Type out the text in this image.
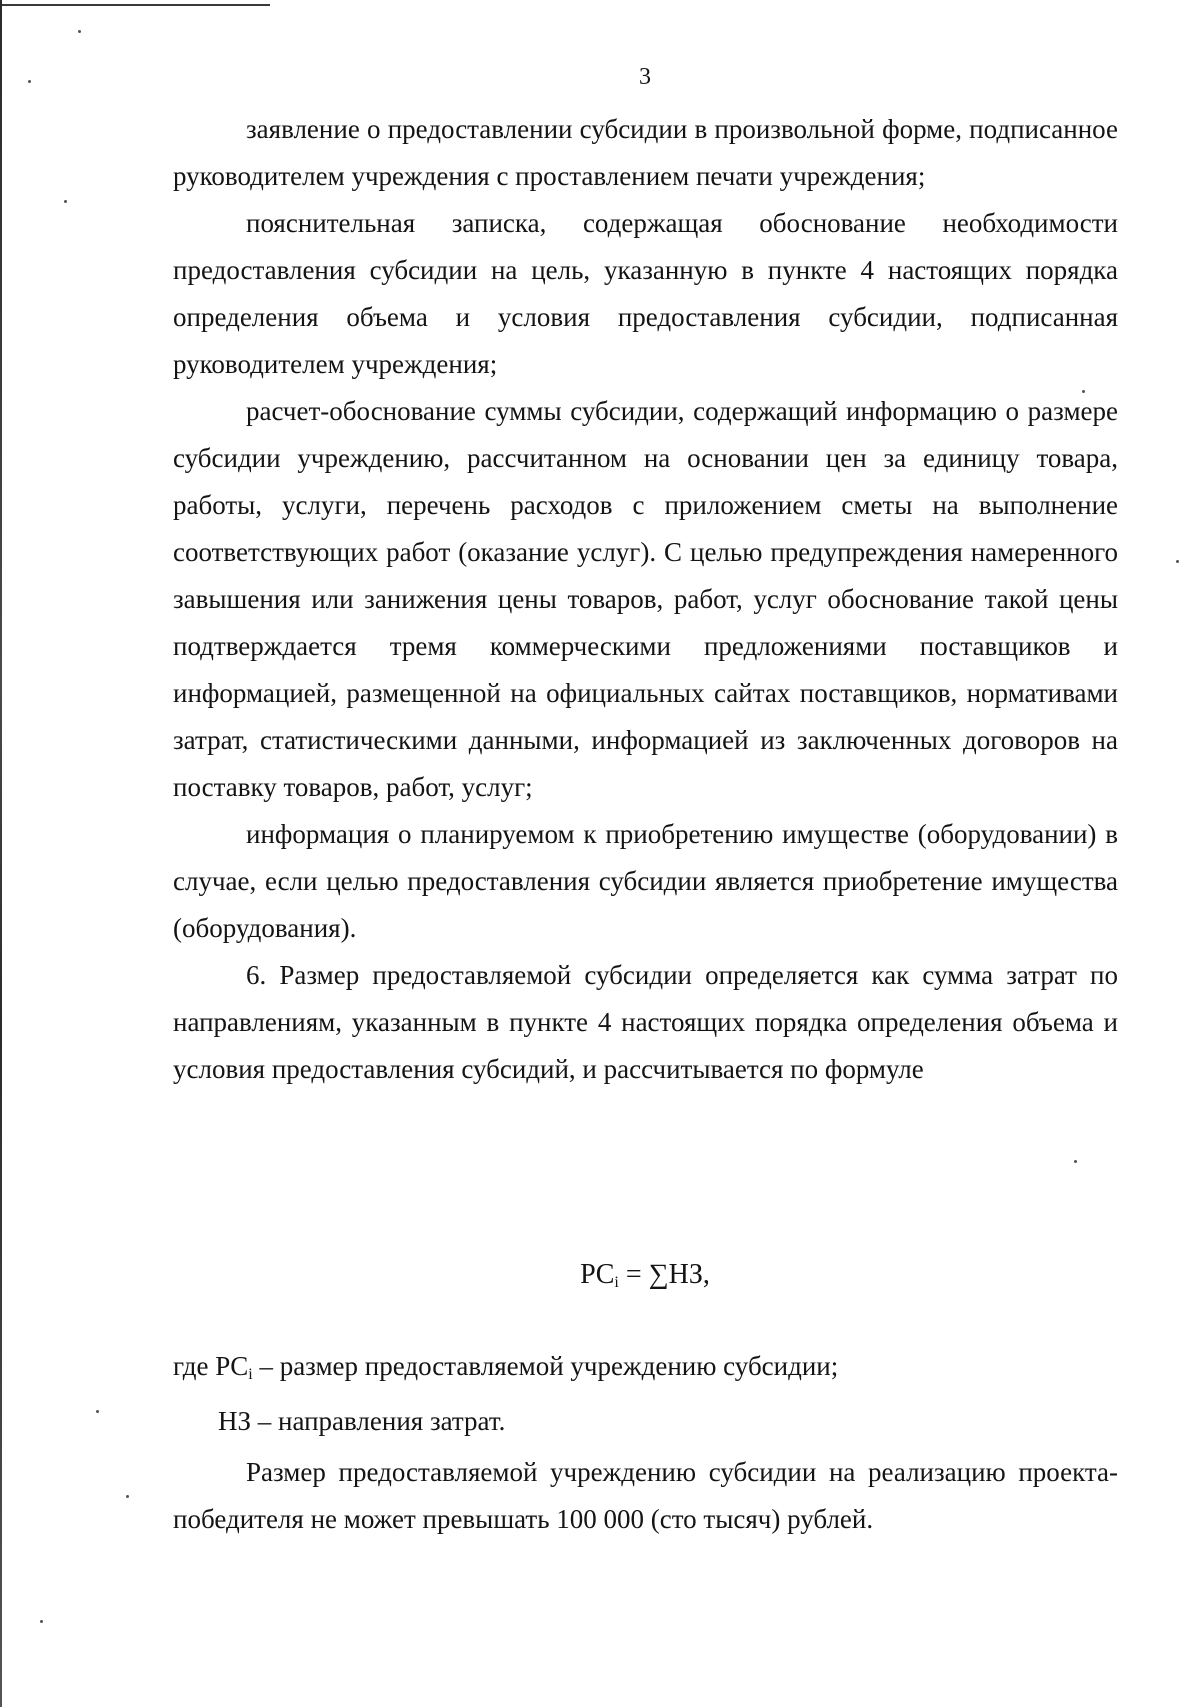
3

заявление о предоставлении субсидии в произвольной форме, подписанное руководителем учреждения с проставлением печати учреждения;

пояснительная записка, содержащая обоснование необходимости предоставления субсидии на цель, указанную в пункте 4 настоящих порядка определения объема и условия предоставления субсидии, подписанная руководителем учреждения;

расчет-обоснование суммы субсидии, содержащий информацию о размере субсидии учреждению, рассчитанном на основании цен за единицу товара, работы, услуги, перечень расходов с приложением сметы на выполнение соответствующих работ (оказание услуг). С целью предупреждения намеренного завышения или занижения цены товаров, работ, услуг обоснование такой цены подтверждается тремя коммерческими предложениями поставщиков и информацией, размещенной на официальных сайтах поставщиков, нормативами затрат, статистическими данными, информацией из заключенных договоров на поставку товаров, работ, услуг;

информация о планируемом к приобретению имуществе (оборудовании) в случае, если целью предоставления субсидии является приобретение имущества (оборудования).

6. Размер предоставляемой субсидии определяется как сумма затрат по направлениям, указанным в пункте 4 настоящих порядка определения объема и условия предоставления субсидий, и рассчитывается по формуле

$PC_i = \sum НЗ$,

где $PC_i$ – размер предоставляемой учреждению субсидии;

НЗ – направления затрат.

Размер предоставляемой учреждению субсидии на реализацию проекта-победителя не может превышать 100 000 (сто тысяч) рублей.
